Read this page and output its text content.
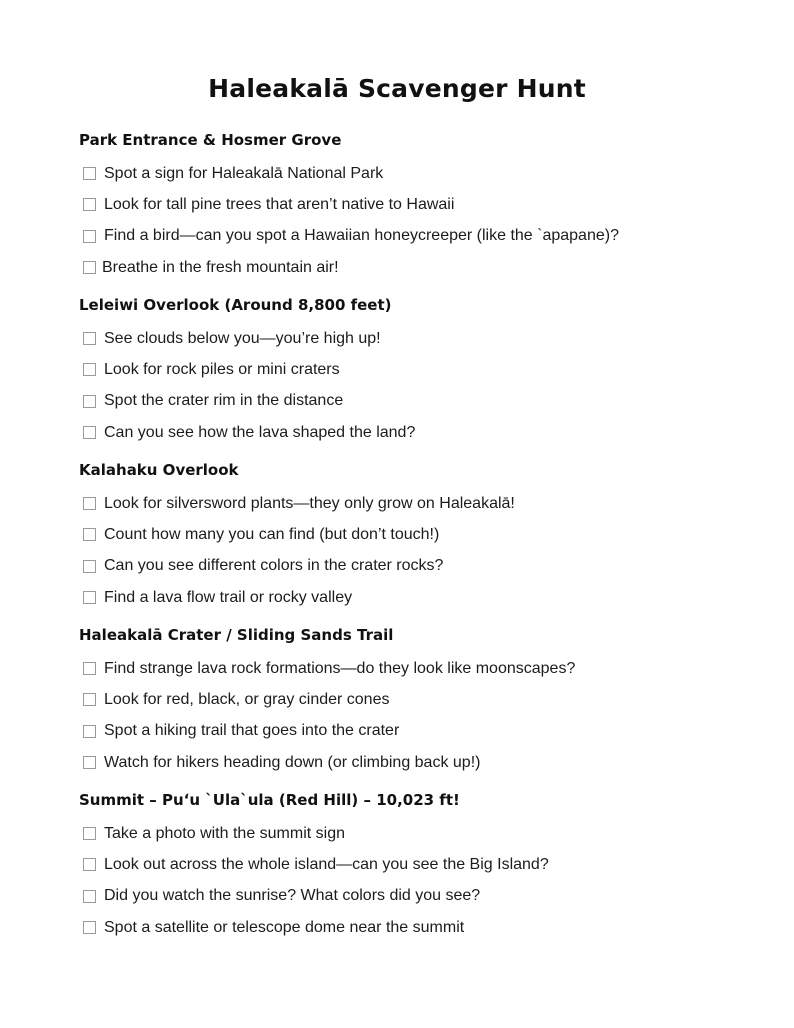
Haleakalā Scavenger Hunt
Park Entrance & Hosmer Grove
Spot a sign for Haleakalā National Park
Look for tall pine trees that aren’t native to Hawaii
Find a bird—can you spot a Hawaiian honeycreeper (like the `apapane)?
Breathe in the fresh mountain air!
Leleiwi Overlook (Around 8,800 feet)
See clouds below you—you’re high up!
Look for rock piles or mini craters
Spot the crater rim in the distance
Can you see how the lava shaped the land?
Kalahaku Overlook
Look for silversword plants—they only grow on Haleakalā!
Count how many you can find (but don’t touch!)
Can you see different colors in the crater rocks?
Find a lava flow trail or rocky valley
Haleakalā Crater / Sliding Sands Trail
Find strange lava rock formations—do they look like moonscapes?
Look for red, black, or gray cinder cones
Spot a hiking trail that goes into the crater
Watch for hikers heading down (or climbing back up!)
Summit – Puʻu `Ula`ula (Red Hill) – 10,023 ft!
Take a photo with the summit sign
Look out across the whole island—can you see the Big Island?
Did you watch the sunrise? What colors did you see?
Spot a satellite or telescope dome near the summit
